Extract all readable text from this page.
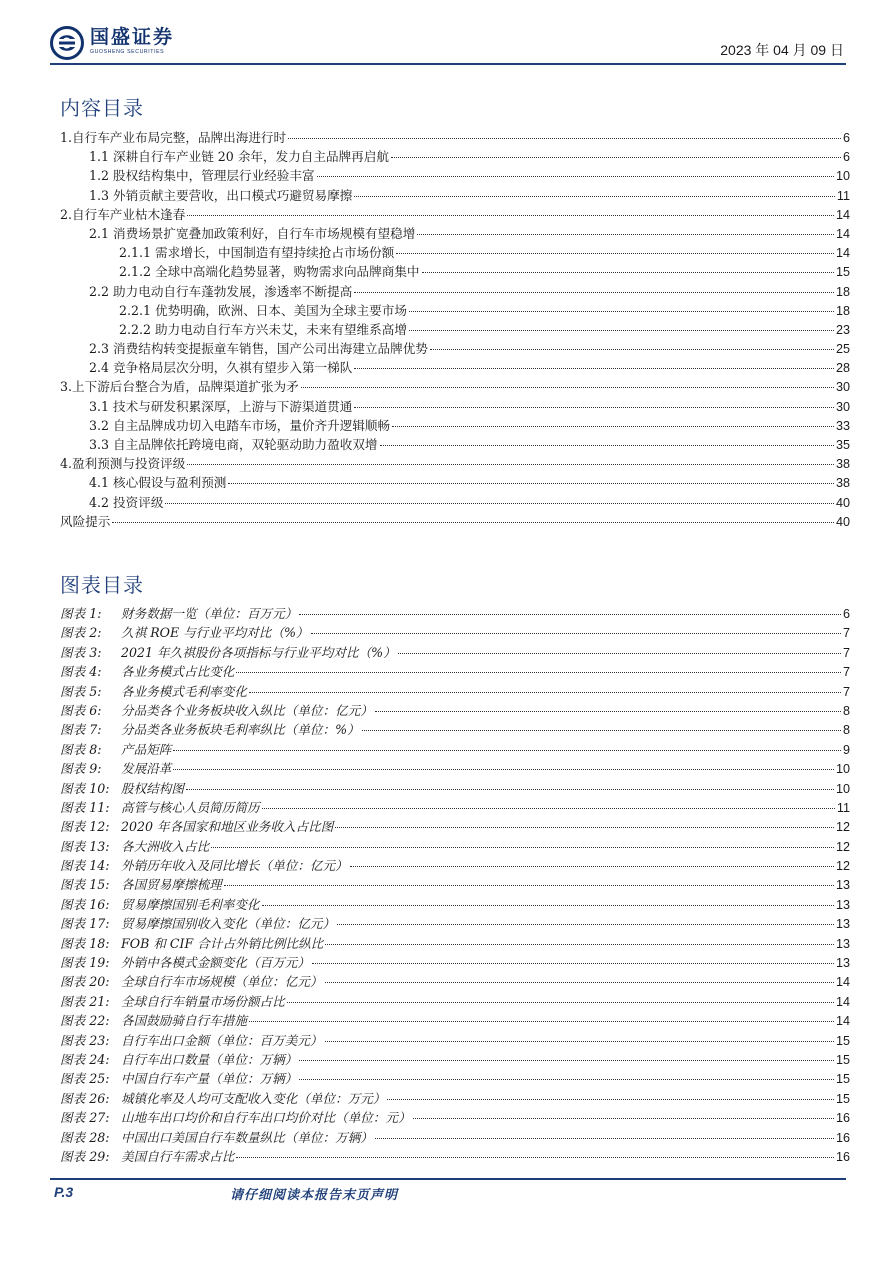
国盛证券
GUOSHENG SECURITIES	2023 年 04 月 09 日
内容目录
1.自行车产业布局完整，品牌出海进行时	6
1.1 深耕自行车产业链 20 余年，发力自主品牌再启航	6
1.2 股权结构集中，管理层行业经验丰富	10
1.3 外销贡献主要营收，出口模式巧避贸易摩擦	11
2.自行车产业枯木逢春	14
2.1 消费场景扩宽叠加政策利好，自行车市场规模有望稳增	14
2.1.1 需求增长，中国制造有望持续抢占市场份额	14
2.1.2 全球中高端化趋势显著，购物需求向品牌商集中	15
2.2 助力电动自行车蓬勃发展，渗透率不断提高	18
2.2.1 优势明确，欧洲、日本、美国为全球主要市场	18
2.2.2 助力电动自行车方兴未艾，未来有望维系高增	23
2.3 消费结构转变提振童车销售，国产公司出海建立品牌优势	25
2.4 竞争格局层次分明，久祺有望步入第一梯队	28
3.上下游后台整合为盾，品牌渠道扩张为矛	30
3.1 技术与研发积累深厚，上游与下游渠道贯通	30
3.2 自主品牌成功切入电踏车市场，量价齐升逻辑顺畅	33
3.3 自主品牌依托跨境电商，双轮驱动助力盈收双增	35
4.盈利预测与投资评级	38
4.1 核心假设与盈利预测	38
4.2 投资评级	40
风险提示	40
图表目录
图表 1: 财务数据一览（单位：百万元）	6
图表 2: 久祺 ROE 与行业平均对比（%）	7
图表 3: 2021 年久祺股份各项指标与行业平均对比（%）	7
图表 4: 各业务模式占比变化	7
图表 5: 各业务模式毛利率变化	7
图表 6: 分品类各个业务板块收入纵比（单位：亿元）	8
图表 7: 分品类各业务板块毛利率纵比（单位：%）	8
图表 8: 产品矩阵	9
图表 9: 发展沿革	10
图表 10: 股权结构图	10
图表 11: 高管与核心人员简历简历	11
图表 12: 2020 年各国家和地区业务收入占比图	12
图表 13: 各大洲收入占比	12
图表 14: 外销历年收入及同比增长（单位：亿元）	12
图表 15: 各国贸易摩擦梳理	13
图表 16: 贸易摩擦国别毛利率变化	13
图表 17: 贸易摩擦国别收入变化（单位：亿元）	13
图表 18: FOB 和 CIF 合计占外销比例比纵比	13
图表 19: 外销中各模式金额变化（百万元）	13
图表 20: 全球自行车市场规模（单位：亿元）	14
图表 21: 全球自行车销量市场份额占比	14
图表 22: 各国鼓励骑自行车措施	14
图表 23: 自行车出口金额（单位：百万美元）	15
图表 24: 自行车出口数量（单位：万辆）	15
图表 25: 中国自行车产量（单位：万辆）	15
图表 26: 城镇化率及人均可支配收入变化（单位：万元）	15
图表 27: 山地车出口均价和自行车出口均价对比（单位：元）	16
图表 28: 中国出口美国自行车数量纵比（单位：万辆）	16
图表 29: 美国自行车需求占比	16
P.3	请仔细阅读本报告末页声明
